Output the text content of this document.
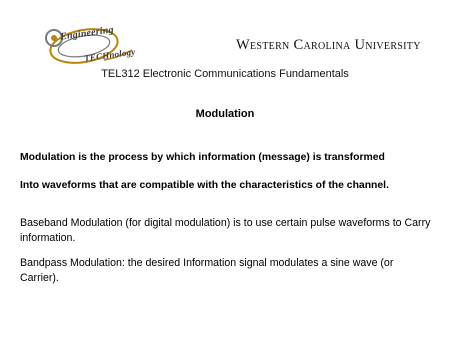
Engineering
TECHnology
Western Carolina University
TEL312 Electronic Communications Fundamentals
Modulation
Modulation is the process by which information (message) is transformed
Into waveforms that are compatible with the characteristics of the channel.
Baseband Modulation (for digital modulation) is to use certain pulse waveforms to Carry information.
Bandpass Modulation: the desired Information signal modulates a sine wave (or Carrier).
